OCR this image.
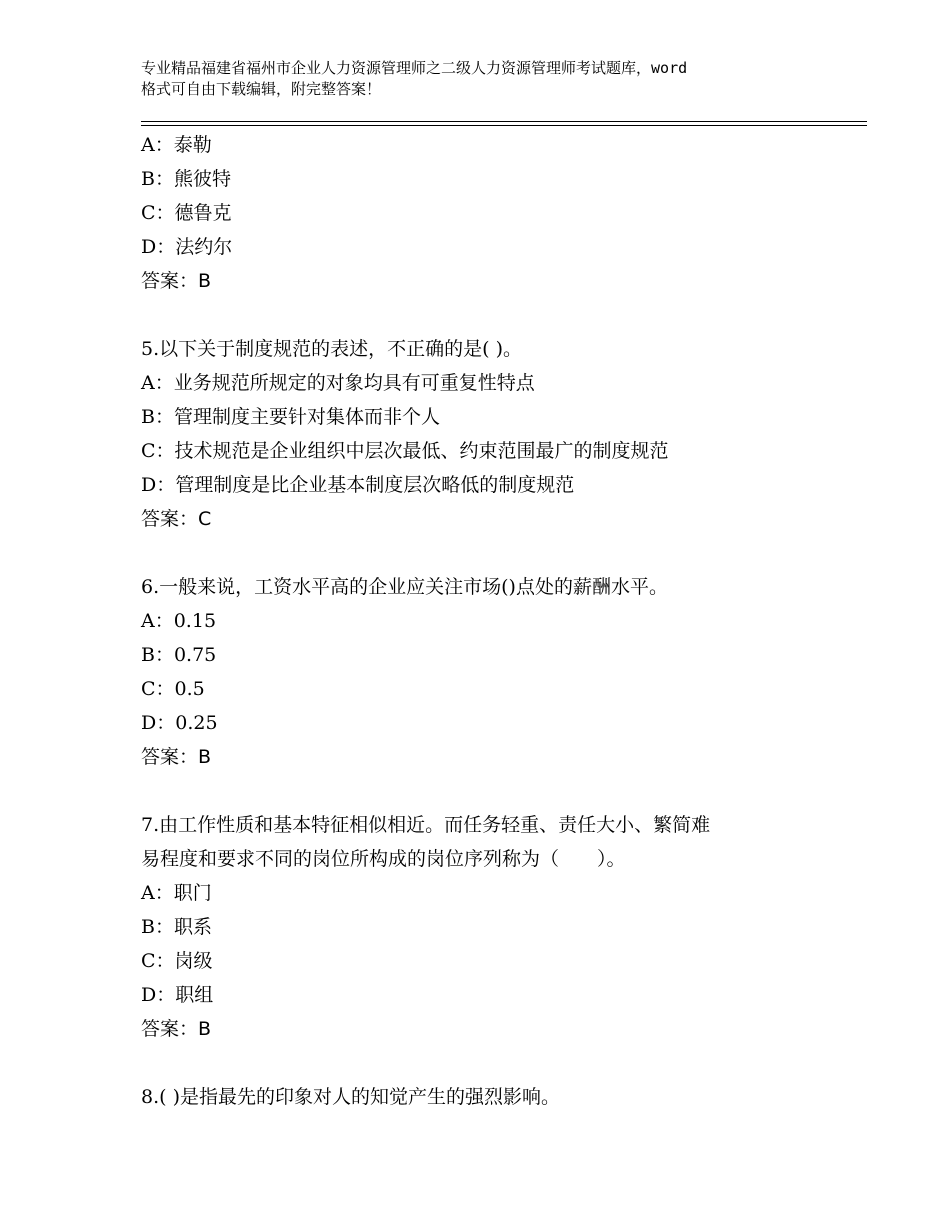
专业精品福建省福州市企业人力资源管理师之二级人力资源管理师考试题库，word
格式可自由下载编辑，附完整答案！
A：泰勒
B：熊彼特
C：德鲁克
D：法约尔
答案：B
5.以下关于制度规范的表述，不正确的是( )。
A：业务规范所规定的对象均具有可重复性特点
B：管理制度主要针对集体而非个人
C：技术规范是企业组织中层次最低、约束范围最广的制度规范
D：管理制度是比企业基本制度层次略低的制度规范
答案：C
6.一般来说，工资水平高的企业应关注市场()点处的薪酬水平。
A：0.15
B：0.75
C：0.5
D：0.25
答案：B
7.由工作性质和基本特征相似相近。而任务轻重、责任大小、繁简难
易程度和要求不同的岗位所构成的岗位序列称为（　　）。
A：职门
B：职系
C：岗级
D：职组
答案：B
8.( )是指最先的印象对人的知觉产生的强烈影响。
